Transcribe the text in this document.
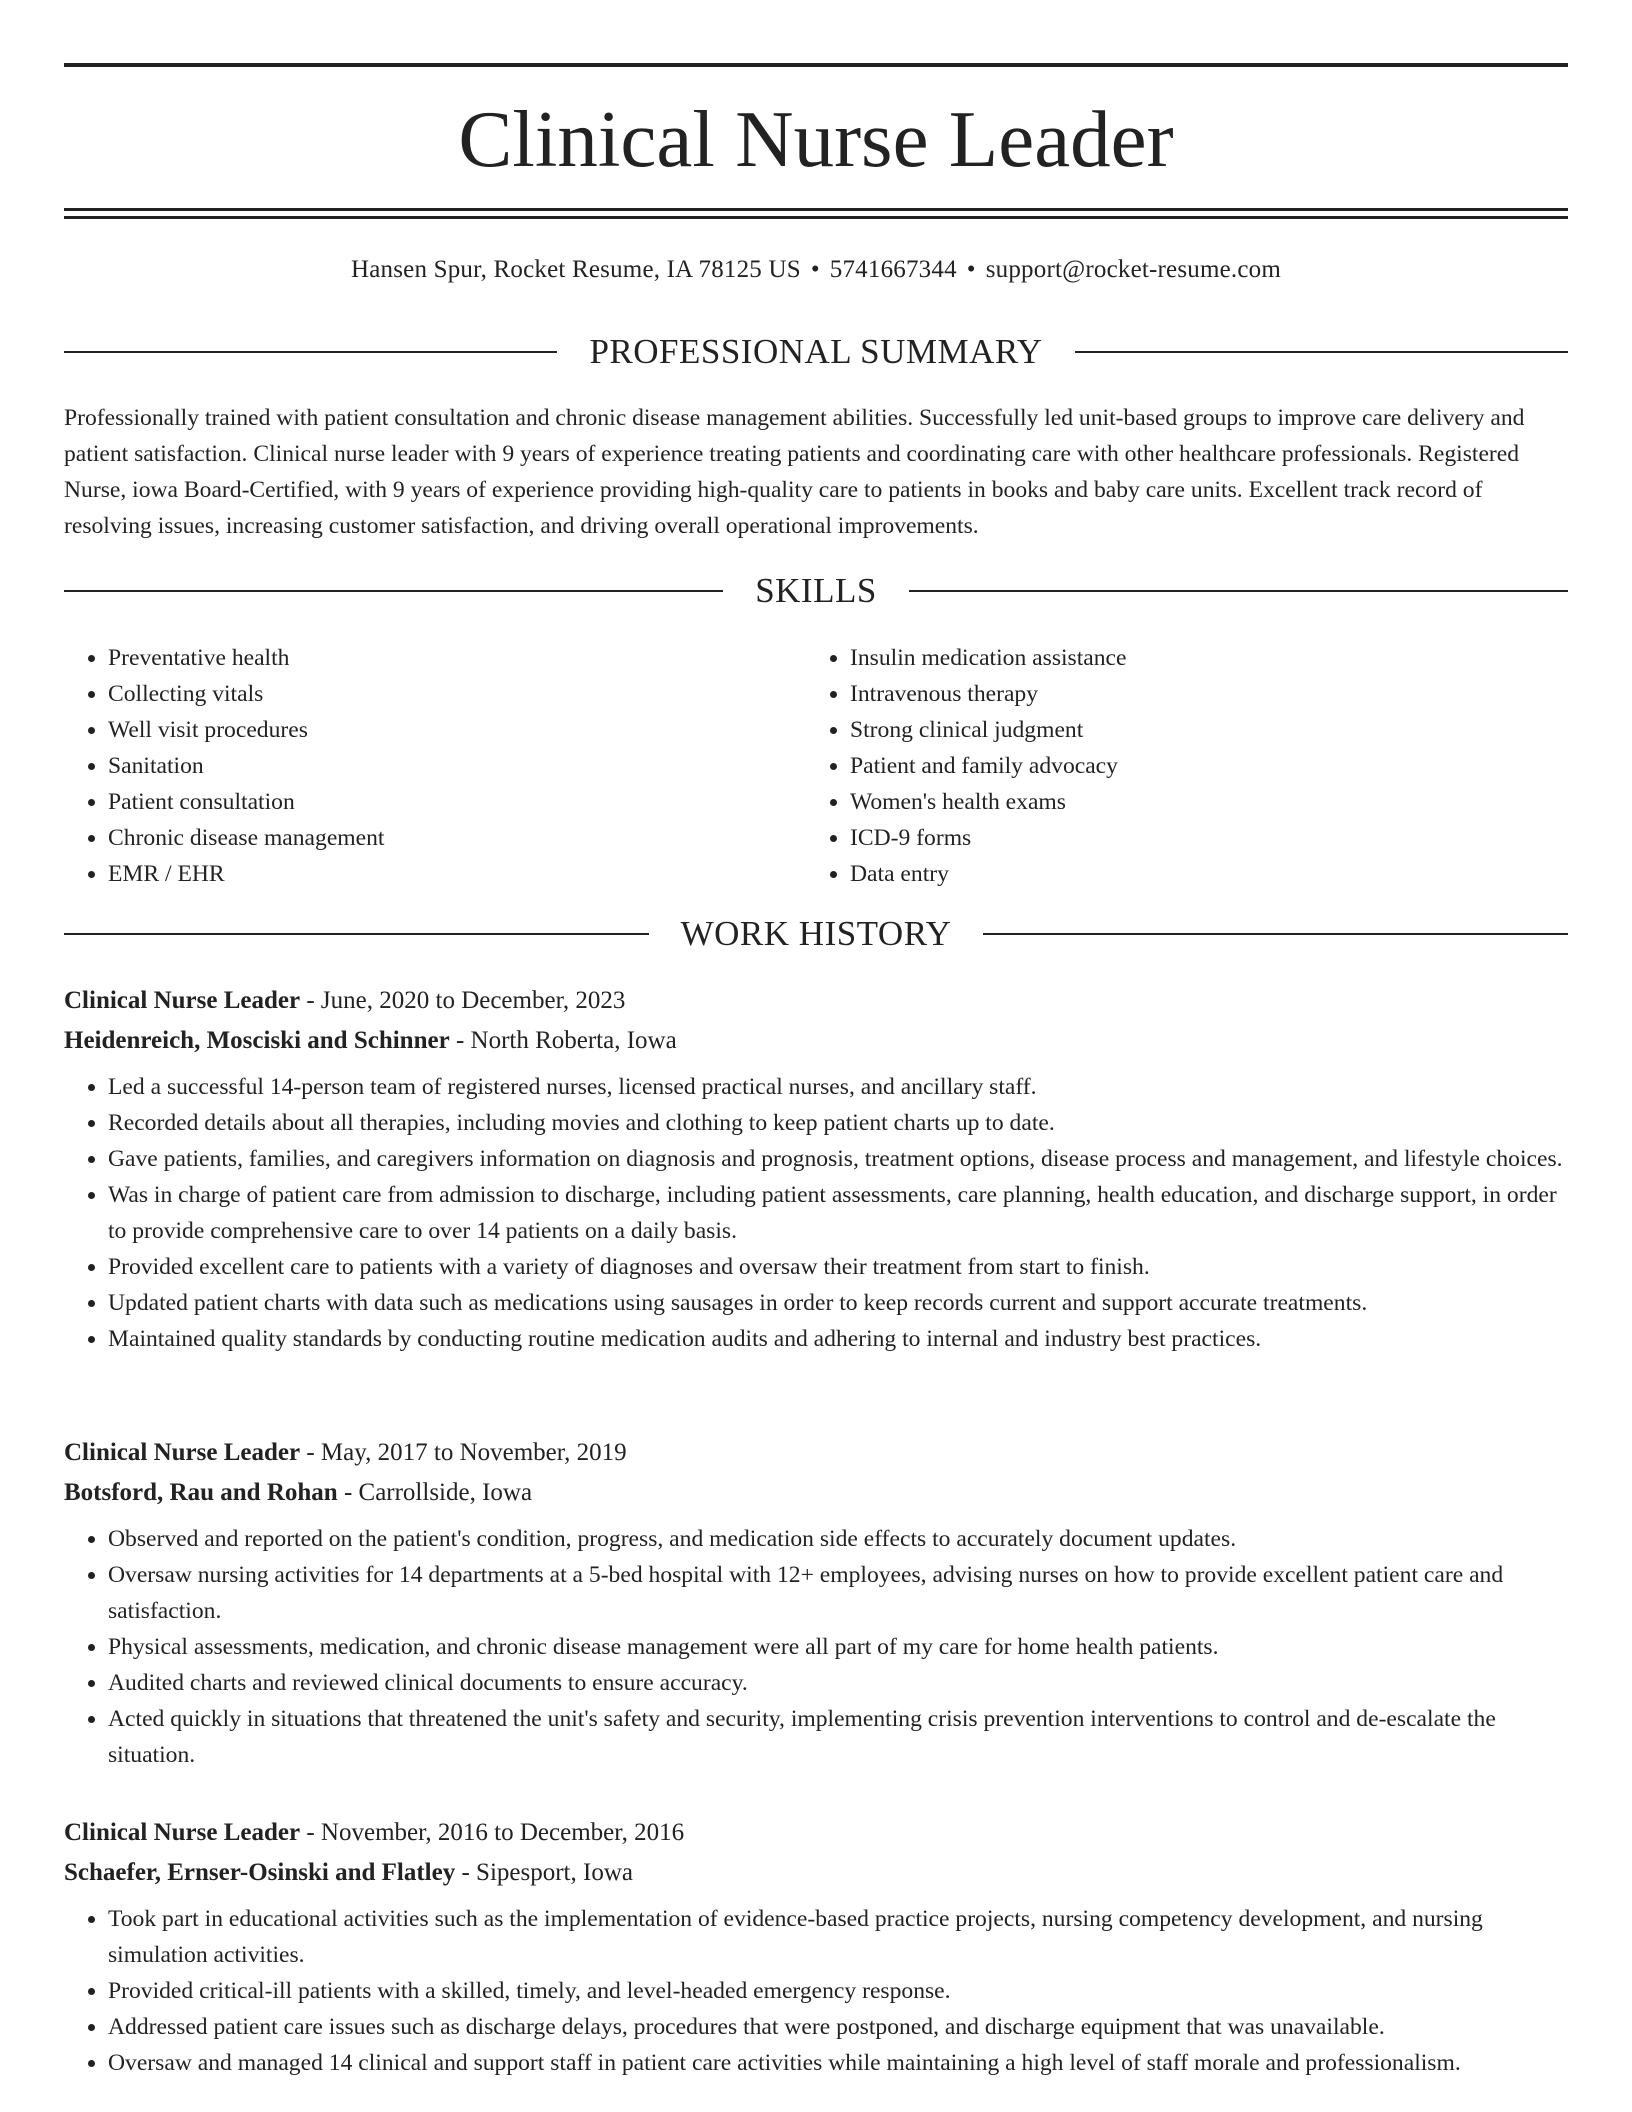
Clinical Nurse Leader
Hansen Spur, Rocket Resume, IA 78125 US • 5741667344 • support@rocket-resume.com
PROFESSIONAL SUMMARY

Professionally trained with patient consultation and chronic disease management abilities. Successfully led unit-based groups to improve care delivery and patient satisfaction. Clinical nurse leader with 9 years of experience treating patients and coordinating care with other healthcare professionals. Registered Nurse, iowa Board-Certified, with 9 years of experience providing high-quality care to patients in books and baby care units. Excellent track record of resolving issues, increasing customer satisfaction, and driving overall operational improvements.

SKILLS
• Preventative health
• Collecting vitals
• Well visit procedures
• Sanitation
• Patient consultation
• Chronic disease management
• EMR / EHR
• Insulin medication assistance
• Intravenous therapy
• Strong clinical judgment
• Patient and family advocacy
• Women's health exams
• ICD-9 forms
• Data entry
WORK HISTORY
Clinical Nurse Leader - June, 2020 to December, 2023
Heidenreich, Mosciski and Schinner - North Roberta, Iowa
• Led a successful 14-person team of registered nurses, licensed practical nurses, and ancillary staff.
• Recorded details about all therapies, including movies and clothing to keep patient charts up to date.
• Gave patients, families, and caregivers information on diagnosis and prognosis, treatment options, disease process and management, and lifestyle choices.
• Was in charge of patient care from admission to discharge, including patient assessments, care planning, health education, and discharge support, in order to provide comprehensive care to over 14 patients on a daily basis.
• Provided excellent care to patients with a variety of diagnoses and oversaw their treatment from start to finish.
• Updated patient charts with data such as medications using sausages in order to keep records current and support accurate treatments.
• Maintained quality standards by conducting routine medication audits and adhering to internal and industry best practices.
Clinical Nurse Leader - May, 2017 to November, 2019
Botsford, Rau and Rohan - Carrollside, Iowa
• Observed and reported on the patient's condition, progress, and medication side effects to accurately document updates.
• Oversaw nursing activities for 14 departments at a 5-bed hospital with 12+ employees, advising nurses on how to provide excellent patient care and satisfaction.
• Physical assessments, medication, and chronic disease management were all part of my care for home health patients.
• Audited charts and reviewed clinical documents to ensure accuracy.
• Acted quickly in situations that threatened the unit's safety and security, implementing crisis prevention interventions to control and de-escalate the situation.
Clinical Nurse Leader - November, 2016 to December, 2016
Schaefer, Ernser-Osinski and Flatley - Sipesport, Iowa
• Took part in educational activities such as the implementation of evidence-based practice projects, nursing competency development, and nursing simulation activities.
• Provided critical-ill patients with a skilled, timely, and level-headed emergency response.
• Addressed patient care issues such as discharge delays, procedures that were postponed, and discharge equipment that was unavailable.
• Oversaw and managed 14 clinical and support staff in patient care activities while maintaining a high level of staff morale and professionalism.
